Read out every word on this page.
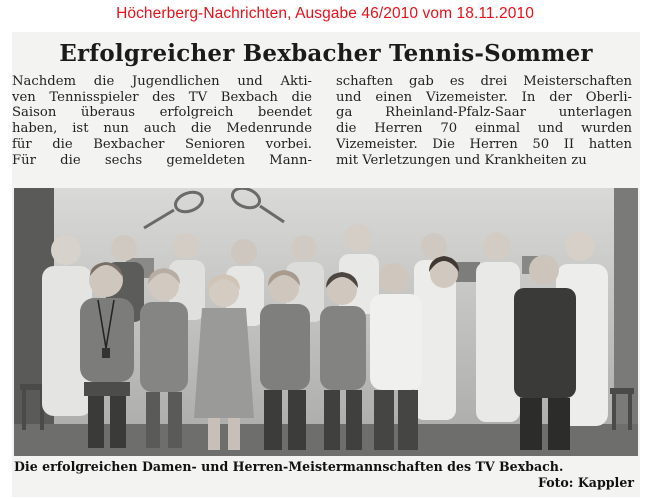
Höcherberg-Nachrichten, Ausgabe 46/2010 vom 18.11.2010
Erfolgreicher Bexbacher Tennis-Sommer
Nachdem die Jugendlichen und Akti-
ven Tennisspieler des TV Bexbach die
Saison überaus erfolgreich beendet
haben, ist nun auch die Medenrunde
für die Bexbacher Senioren vorbei.
Für die sechs gemeldeten Mann-
schaften gab es drei Meisterschaften
und einen Vizemeister. In der Oberli-
ga Rheinland-Pfalz-Saar unterlagen
die Herren 70 einmal und wurden
Vizemeister. Die Herren 50 II hatten
mit Verletzungen und Krankheiten zu
Die erfolgreichen Damen- und Herren-Meistermannschaften des TV Bexbach.
Foto: Kappler
